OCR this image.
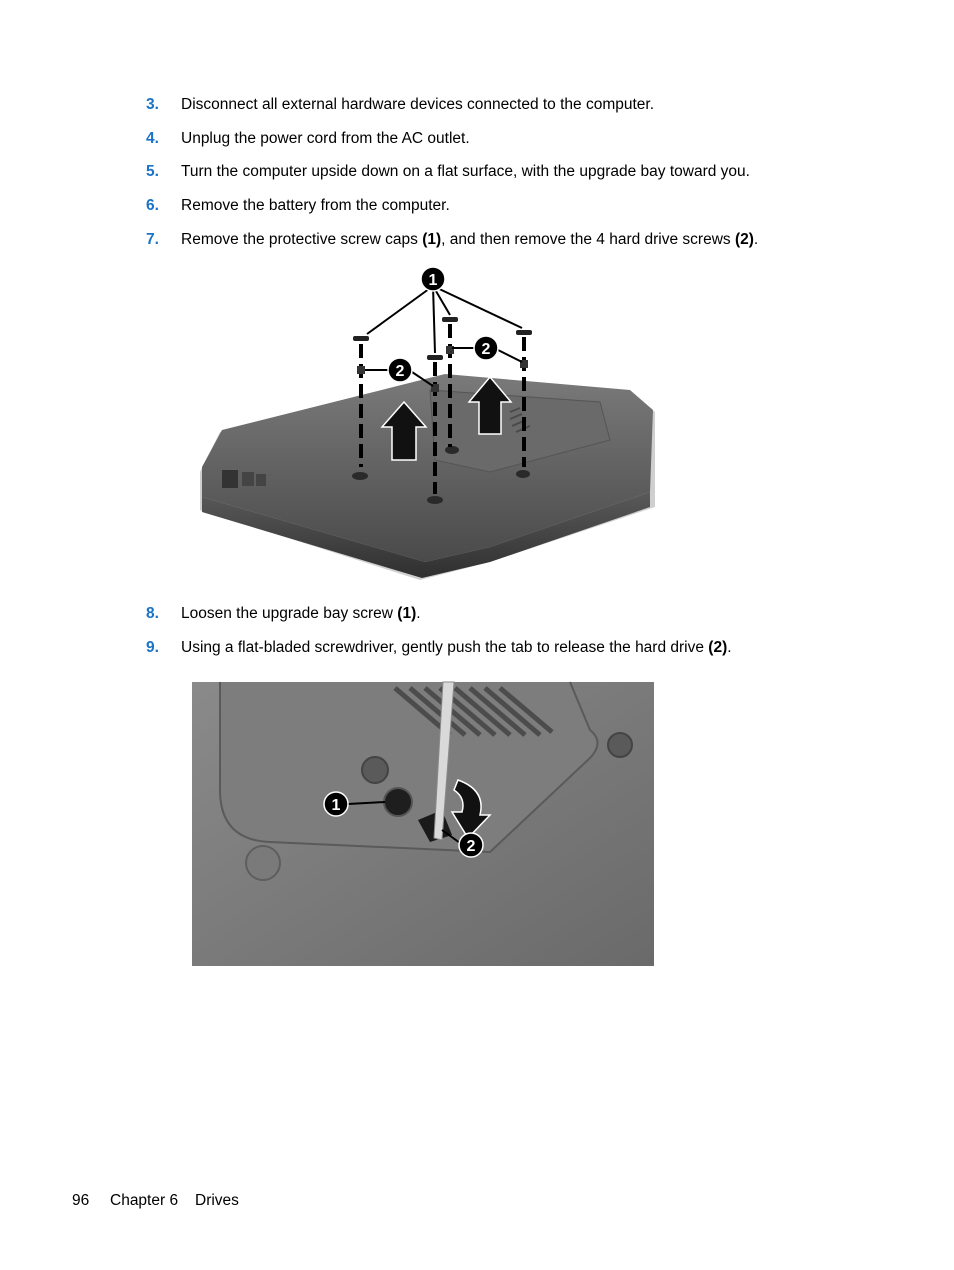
3. Disconnect all external hardware devices connected to the computer.
4. Unplug the power cord from the AC outlet.
5. Turn the computer upside down on a flat surface, with the upgrade bay toward you.
6. Remove the battery from the computer.
7. Remove the protective screw caps (1), and then remove the 4 hard drive screws (2).
1
2
2
8. Loosen the upgrade bay screw (1).
9. Using a flat-bladed screwdriver, gently push the tab to release the hard drive (2).
1
2
96 Chapter 6 Drives
